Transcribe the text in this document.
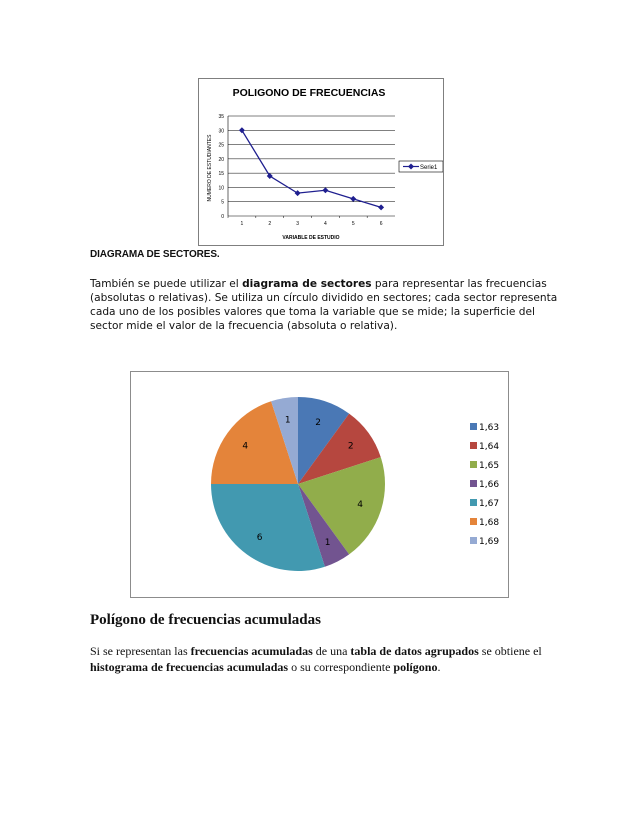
POLIGONO DE FRECUENCIAS
NUMERO DE ESTUDIANTES
VARIABLE DE ESTUDIO
0
5
10
15
20
25
30
35
1	2	3	4	5	6
Serie1
DIAGRAMA DE SECTORES.
También se puede utilizar el diagrama de sectores para representar las frecuencias (absolutas o relativas). Se utiliza un círculo dividido en sectores; cada sector representa cada uno de los posibles valores que toma la variable que se mide; la superficie del sector mide el valor de la frecuencia (absoluta o relativa).
2
2
4
1
6
4
1
1,63
1,64
1,65
1,66
1,67
1,68
1,69
Polígono de frecuencias acumuladas
Si se representan las frecuencias acumuladas de una tabla de datos agrupados se obtiene el histograma de frecuencias acumuladas o su correspondiente polígono.
